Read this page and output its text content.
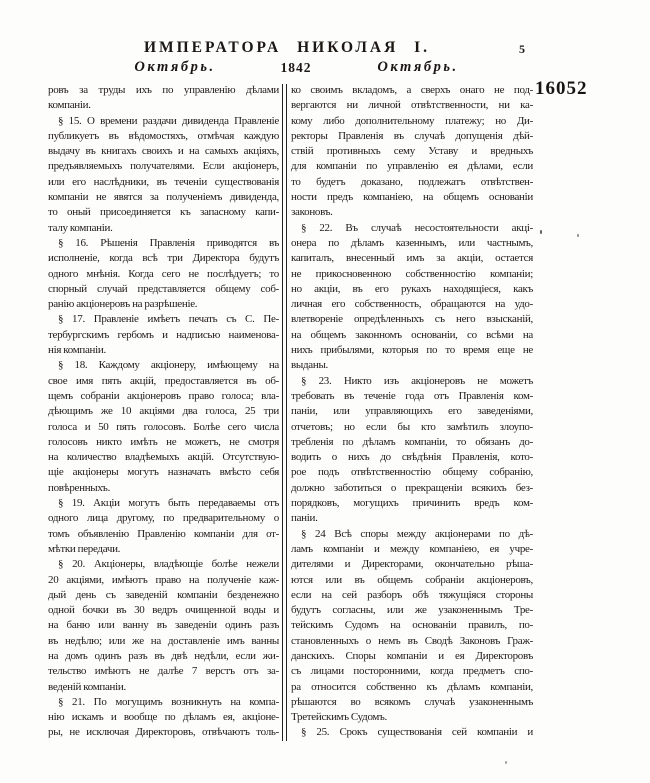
ИМПЕРАТОРА НИКОЛАЯ I.	5
Октябрь.	1842	Октябрь.
16052
ровъ за труды ихъ по управленію дѣлами
компаніи.
§ 15. О времени раздачи дивиденда Правленіе
публикуетъ въ вѣдомостяхъ, отмѣчая каждую
выдачу въ книгахъ своихъ и на самыхъ акціяхъ,
предъявляемыхъ получателями. Если акціонеръ,
или его наслѣдники, въ теченіи существованія
компаніи не явятся за полученіемъ дивиденда,
то оный присоединяется къ запасному капи-
талу компаніи.
§ 16. Рѣшенія Правленія приводятся въ
исполненіе, когда всѣ три Директора будутъ
одного мнѣнія. Когда сего не послѣдуетъ; то
спорный случай представляется общему соб-
ранію акціонеровъ на разрѣшеніе.
§ 17. Правленіе имѣетъ печать съ С. Пе-
тербургскимъ гербомъ и надписью наименова-
нія компаніи.
§ 18. Каждому акціонеру, имѣющему на
свое имя пять акцій, предоставляется въ об-
щемъ собраніи акціонеровъ право голоса; вла-
дѣющимъ же 10 акціями два голоса, 25 три
голоса и 50 пять голосовъ. Болѣе сего числа
голосовъ никто имѣть не можетъ, не смотря
на количество владѣемыхъ акцій. Отсутствую-
щіе акціонеры могутъ назначать вмѣсто себя
повѣренныхъ.
§ 19. Акціи могутъ быть передаваемы отъ
одного лица другому, по предварительному о
томъ объявленію Правленію компаніи для от-
мѣтки передачи.
§ 20. Акціонеры, владѣющіе болѣе нежели
20 акціями, имѣютъ право на полученіе каж-
дый день съ заведеній компаніи безденежно
одной бочки въ 30 ведръ очищенной воды и
на баню или ванну въ заведеніи одинъ разъ
въ недѣлю; или же на доставленіе имъ ванны
на домъ одинъ разъ въ двѣ недѣли, если жи-
тельство имѣютъ не далѣе 7 верстъ отъ за-
веденій компаніи.
§ 21. По могущимъ возникнуть на компа-
нію искамъ и вообще по дѣламъ ея, акціоне-
ры, не исключая Директоровъ, отвѣчаютъ толь-
ко своимъ вкладомъ, а сверхъ онаго не под-
вергаются ни личной отвѣтственности, ни ка-
кому либо дополнительному платежу; но Ди-
ректоры Правленія въ случаѣ допущенія дѣй-
ствій противныхъ сему Уставу и вредныхъ
для компаніи по управленію ея дѣлами, если
то будетъ доказано, подлежатъ отвѣтствен-
ности предъ компаніею, на общемъ основаніи
законовъ.
§ 22. Въ случаѣ несостоятельности акці-
онера по дѣламъ казеннымъ, или частнымъ,
капиталъ, внесенный имъ за акціи, остается
не прикосновенною собственностію компаніи;
но акціи, въ его рукахъ находящіеся, какъ
личная его собственность, обращаются на удо-
влетвореніе опредѣленныхъ съ него взысканій,
на общемъ законномъ основаніи, со всѣми на
нихъ прибылями, которыя по то время еще не
выданы.
§ 23. Никто изъ акціонеровъ не можетъ
требовать въ теченіе года отъ Правленія ком-
паніи, или управляющихъ его заведеніями,
отчетовъ; но если бы кто замѣтилъ злоупо-
требленія по дѣламъ компаніи, то обязанъ до-
водить о нихъ до свѣдѣнія Правленія, кото-
рое подъ отвѣтственностію общему собранію,
должно заботиться о прекращеніи всякихъ без-
порядковъ, могущихъ причинить вредъ ком-
паніи.
§ 24 Всѣ споры между акціонерами по дѣ-
ламъ компаніи и между компаніею, ея учре-
дителями и Директорами, окончательно рѣша-
ются или въ общемъ собраніи акціонеровъ,
если на сей разборъ обѣ тяжущіяся стороны
будутъ согласны, или же узаконеннымъ Тре-
тейскимъ Судомъ на основаніи правилъ, по-
становленныхъ о немъ въ Сводѣ Законовъ Граж-
данскихъ. Споры компаніи и ея Директоровъ
съ лицами посторонними, когда предметъ спо-
ра относится собственно къ дѣламъ компаніи,
рѣшаются во всякомъ случаѣ узаконеннымъ
Третейскимъ Судомъ.
§ 25. Срокъ существованія сей компаніи и
